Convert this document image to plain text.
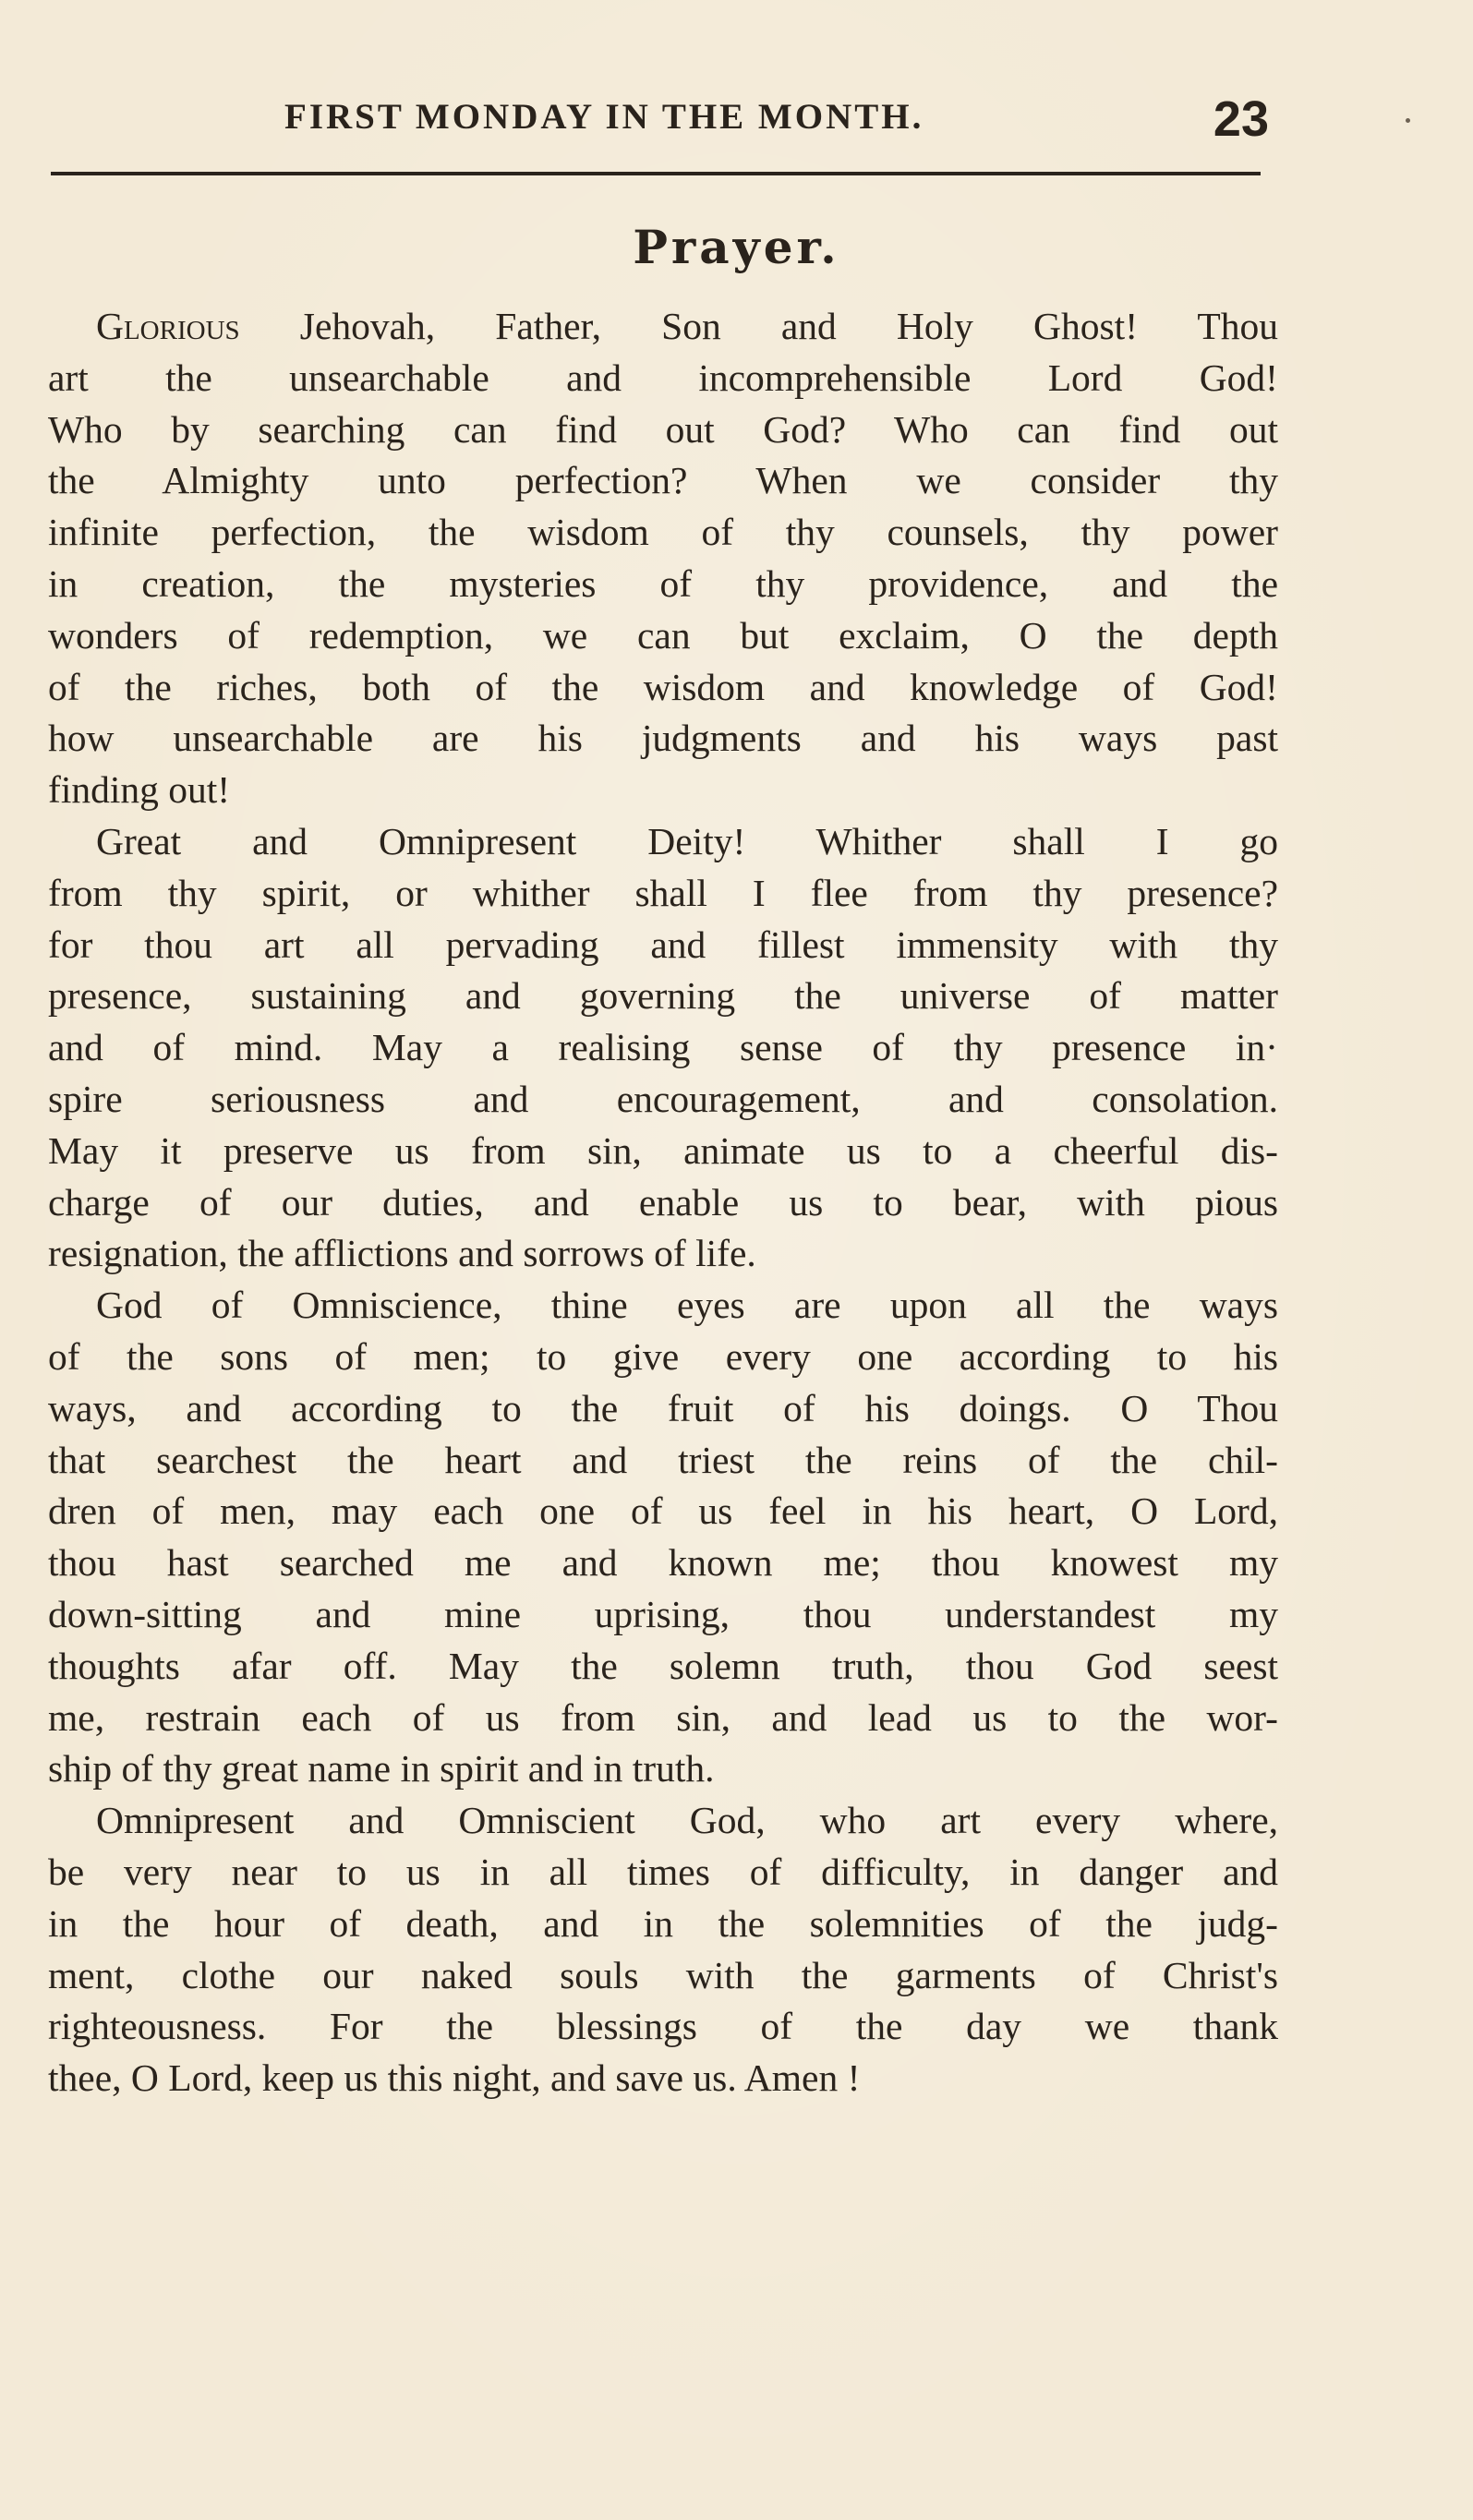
FIRST MONDAY IN THE MONTH.	23
Prayer.
Glorious Jehovah, Father, Son and Holy Ghost! Thou
art the unsearchable and incomprehensible Lord God!
Who by searching can find out God? Who can find out
the Almighty unto perfection? When we consider thy
infinite perfection, the wisdom of thy counsels, thy power
in creation, the mysteries of thy providence, and the
wonders of redemption, we can but exclaim, O the depth
of the riches, both of the wisdom and knowledge of God!
how unsearchable are his judgments and his ways past
finding out!
Great and Omnipresent Deity! Whither shall I go
from thy spirit, or whither shall I flee from thy presence?
for thou art all pervading and fillest immensity with thy
presence, sustaining and governing the universe of matter
and of mind. May a realising sense of thy presence in·
spire seriousness and encouragement, and consolation.
May it preserve us from sin, animate us to a cheerful dis-
charge of our duties, and enable us to bear, with pious
resignation, the afflictions and sorrows of life.
God of Omniscience, thine eyes are upon all the ways
of the sons of men; to give every one according to his
ways, and according to the fruit of his doings. O Thou
that searchest the heart and triest the reins of the chil-
dren of men, may each one of us feel in his heart, O Lord,
thou hast searched me and known me; thou knowest my
down-sitting and mine uprising, thou understandest my
thoughts afar off. May the solemn truth, thou God seest
me, restrain each of us from sin, and lead us to the wor-
ship of thy great name in spirit and in truth.
Omnipresent and Omniscient God, who art every where,
be very near to us in all times of difficulty, in danger and
in the hour of death, and in the solemnities of the judg-
ment, clothe our naked souls with the garments of Christ's
righteousness. For the blessings of the day we thank
thee, O Lord, keep us this night, and save us. Amen !
